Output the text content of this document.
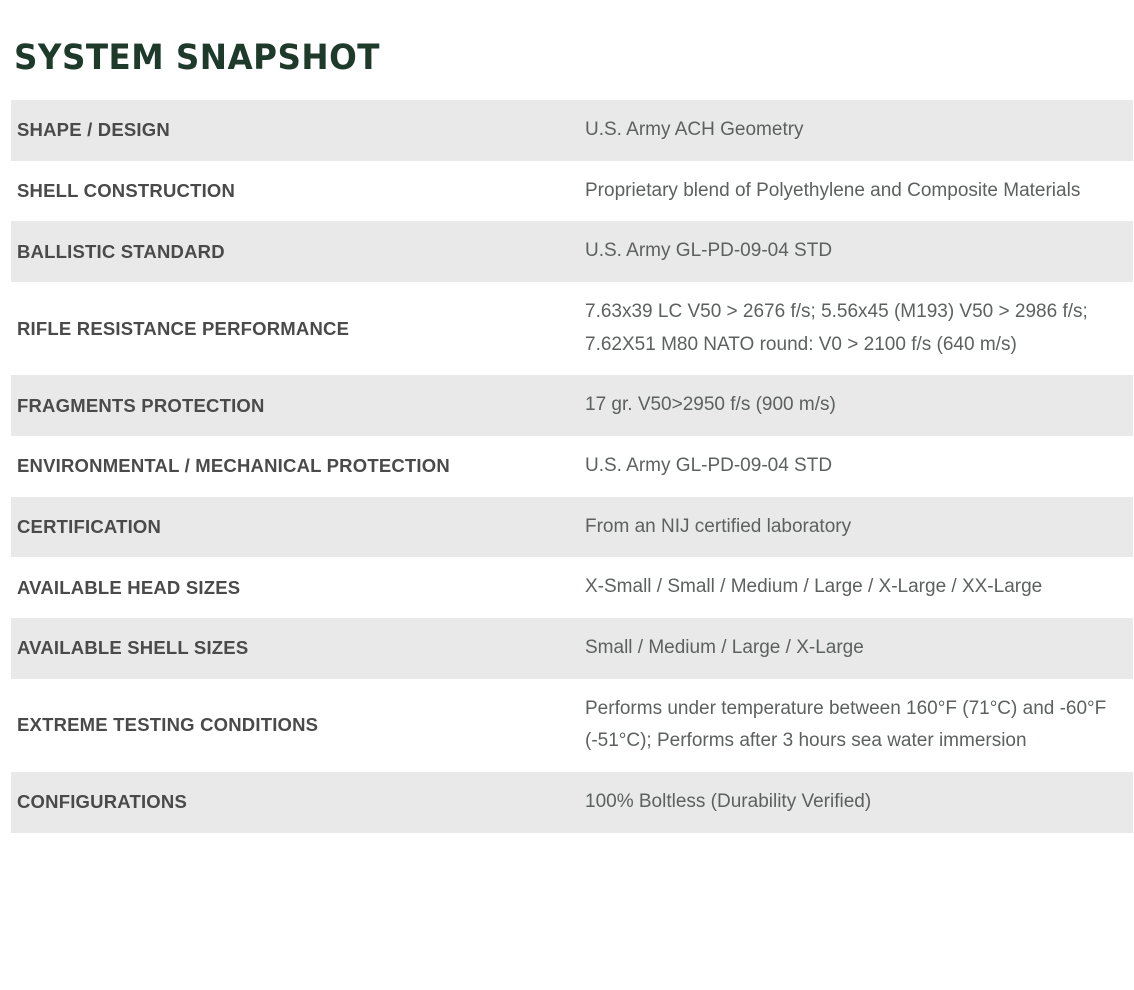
SYSTEM SNAPSHOT
SHAPE / DESIGN	U.S. Army ACH Geometry
SHELL CONSTRUCTION	Proprietary blend of Polyethylene and Composite Materials
BALLISTIC STANDARD	U.S. Army GL-PD-09-04 STD
RIFLE RESISTANCE PERFORMANCE	7.63x39 LC V50 > 2676 f/s; 5.56x45 (M193) V50 > 2986 f/s; 7.62X51 M80 NATO round: V0 > 2100 f/s (640 m/s)
FRAGMENTS PROTECTION	17 gr. V50>2950 f/s (900 m/s)
ENVIRONMENTAL / MECHANICAL PROTECTION	U.S. Army GL-PD-09-04 STD
CERTIFICATION	From an NIJ certified laboratory
AVAILABLE HEAD SIZES	X-Small / Small / Medium / Large / X-Large / XX-Large
AVAILABLE SHELL SIZES	Small / Medium / Large / X-Large
EXTREME TESTING CONDITIONS	Performs under temperature between 160°F (71°C) and -60°F (-51°C); Performs after 3 hours sea water immersion
CONFIGURATIONS	100% Boltless (Durability Verified)
